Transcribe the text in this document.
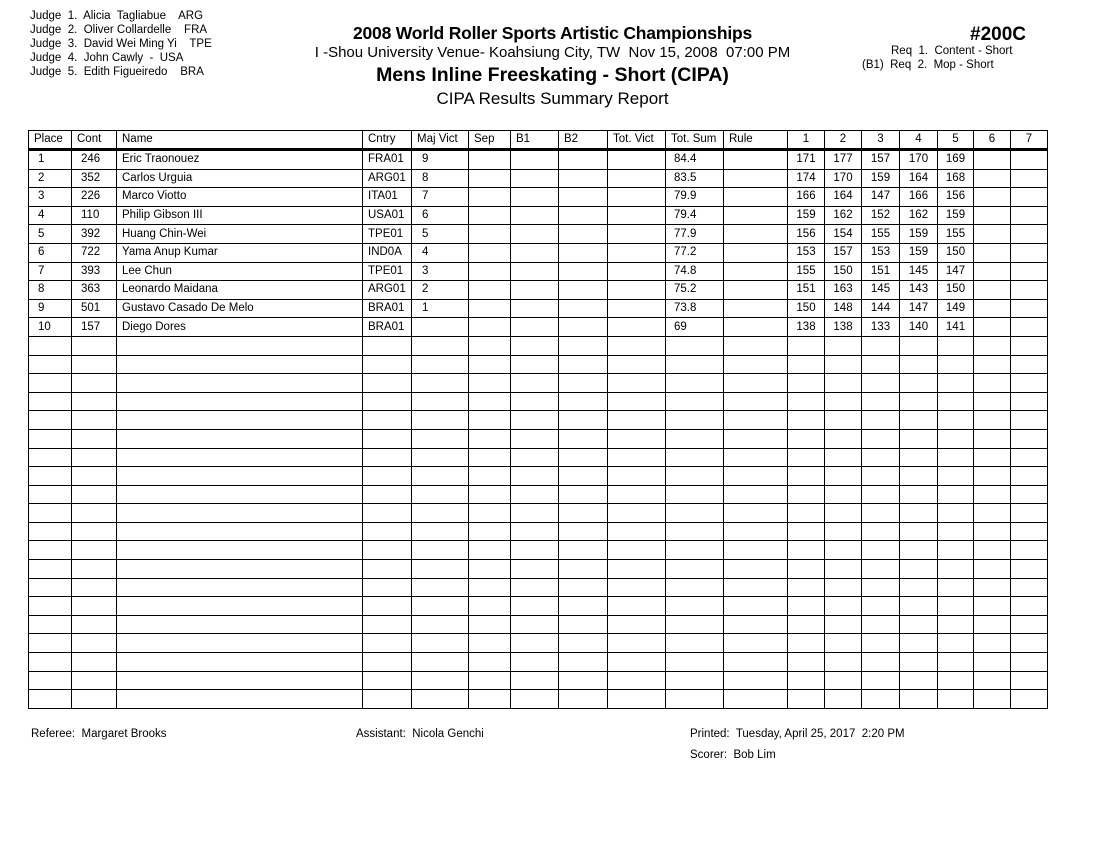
Judge  1.  Alicia  Tagliabue    ARG
Judge  2.  Oliver Collardelle    FRA
Judge  3.  David Wei Ming Yi    TPE
Judge  4.  John Cawly  -  USA
Judge  5.  Edith Figueiredo    BRA
2008 World Roller Sports Artistic Championships
I -Shou University Venue- Koahsiung City, TW  Nov 15, 2008  07:00 PM
Mens Inline Freeskating - Short (CIPA)
CIPA Results Summary Report
#200C
Req  1.  Content - Short
(B1)  Req  2.  Mop - Short
Place	Cont	Name	Cntry	Maj Vict	Sep	B1	B2	Tot. Vict	Tot. Sum	Rule	1	2	3	4	5	6	7
1	246	Eric Traonouez	FRA01	9					84.4		171	177	157	170	169		
2	352	Carlos Urguia	ARG01	8					83.5		174	170	159	164	168		
3	226	Marco Viotto	ITA01	7					79.9		166	164	147	166	156		
4	110	Philip Gibson III	USA01	6					79.4		159	162	152	162	159		
5	392	Huang Chin-Wei	TPE01	5					77.9		156	154	155	159	155		
6	722	Yama Anup Kumar	IND0A	4					77.2		153	157	153	159	150		
7	393	Lee Chun	TPE01	3					74.8		155	150	151	145	147		
8	363	Leonardo Maidana	ARG01	2					75.2		151	163	145	143	150		
9	501	Gustavo Casado De Melo	BRA01	1					73.8		150	148	144	147	149		
10	157	Diego Dores	BRA01						69		138	138	133	140	141		

Referee:  Margaret Brooks	Assistant:  Nicola Genchi	Printed:  Tuesday, April 25, 2017  2:20 PM
Scorer:  Bob Lim
